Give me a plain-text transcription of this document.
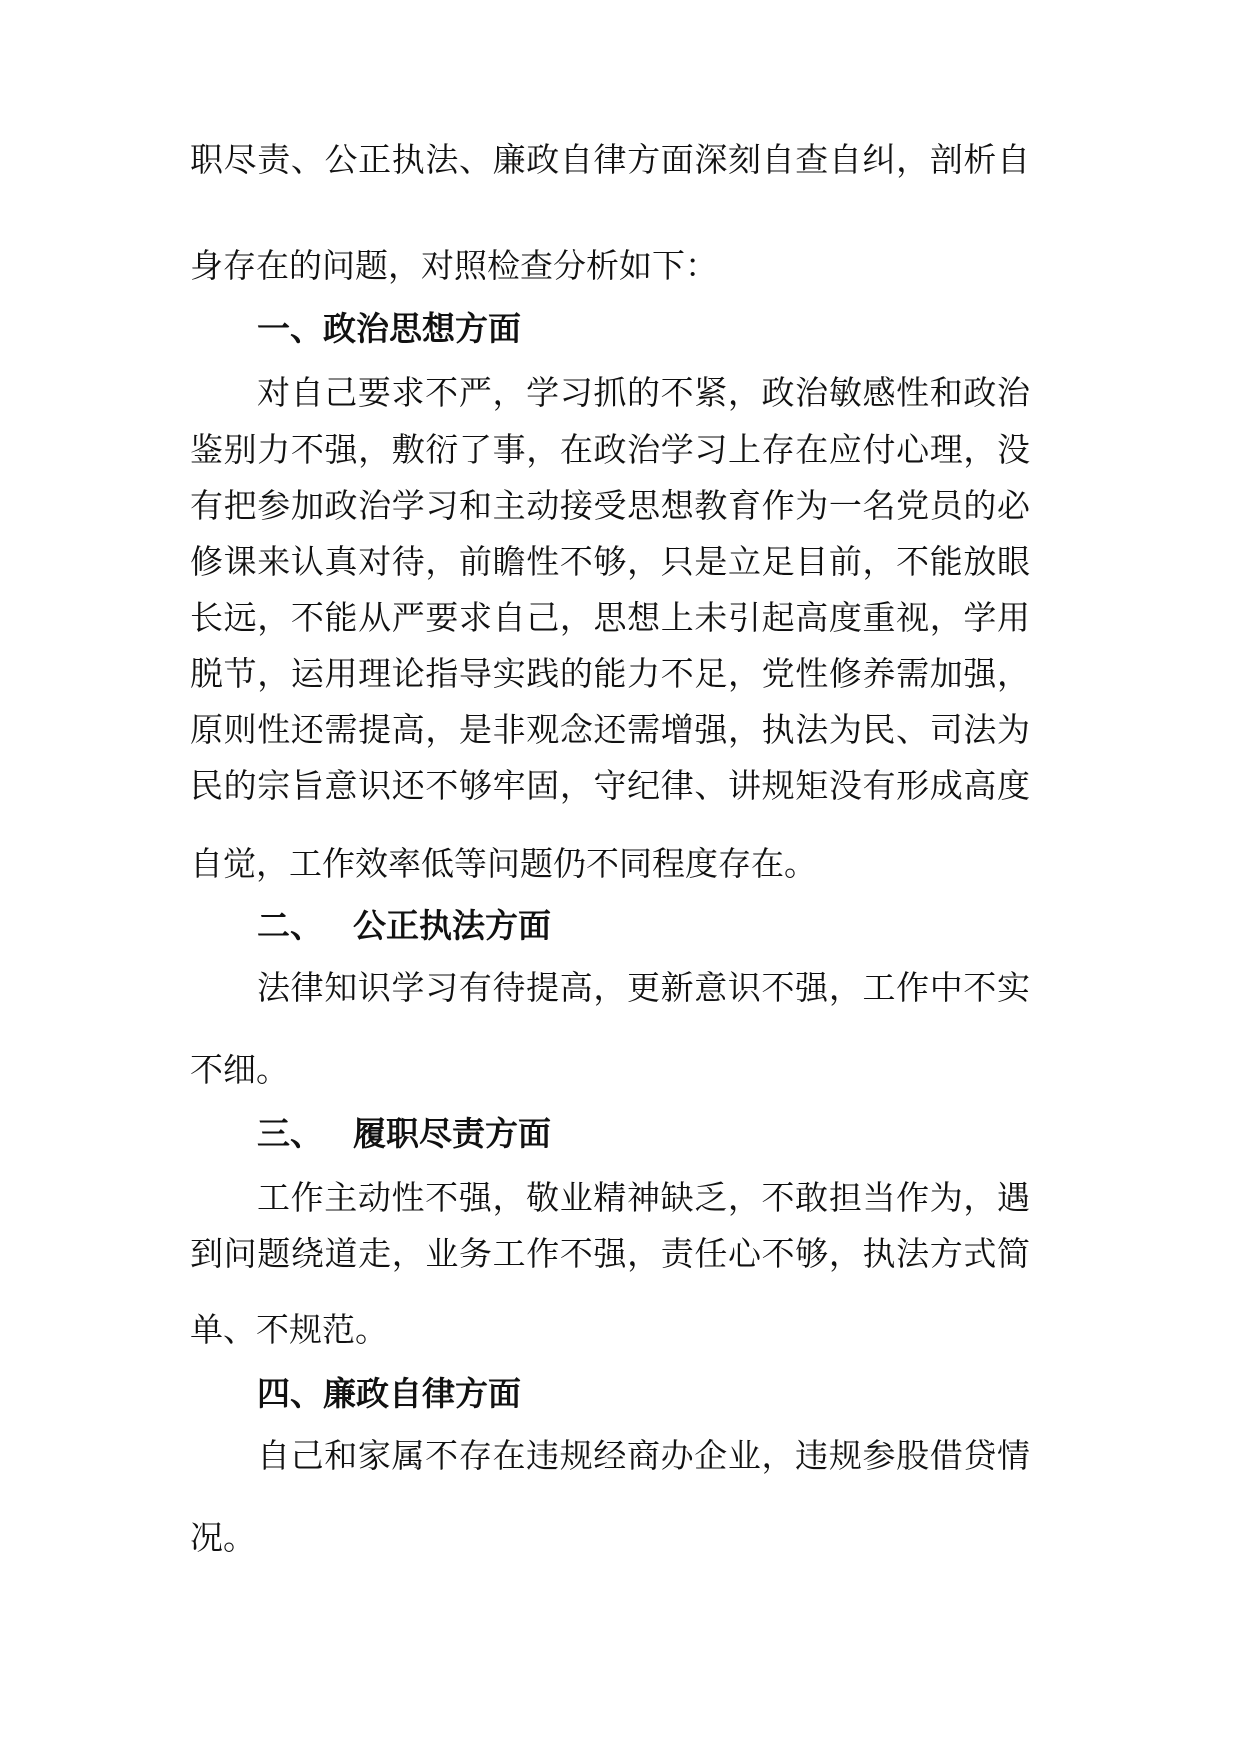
职尽责、公正执法、廉政自律方面深刻自查自纠，剖析自
身存在的问题，对照检查分析如下：
一、政治思想方面
对自己要求不严，学习抓的不紧，政治敏感性和政治
鉴别力不强，敷衍了事，在政治学习上存在应付心理，没
有把参加政治学习和主动接受思想教育作为一名党员的必
修课来认真对待，前瞻性不够，只是立足目前，不能放眼
长远，不能从严要求自己，思想上未引起高度重视，学用
脱节，运用理论指导实践的能力不足，党性修养需加强，
原则性还需提高，是非观念还需增强，执法为民、司法为
民的宗旨意识还不够牢固，守纪律、讲规矩没有形成高度
自觉，工作效率低等问题仍不同程度存在。
二、 公正执法方面
法律知识学习有待提高，更新意识不强，工作中不实
不细。
三、 履职尽责方面
工作主动性不强，敬业精神缺乏，不敢担当作为，遇
到问题绕道走，业务工作不强，责任心不够，执法方式简
单、不规范。
四、廉政自律方面
自己和家属不存在违规经商办企业，违规参股借贷情
况。
